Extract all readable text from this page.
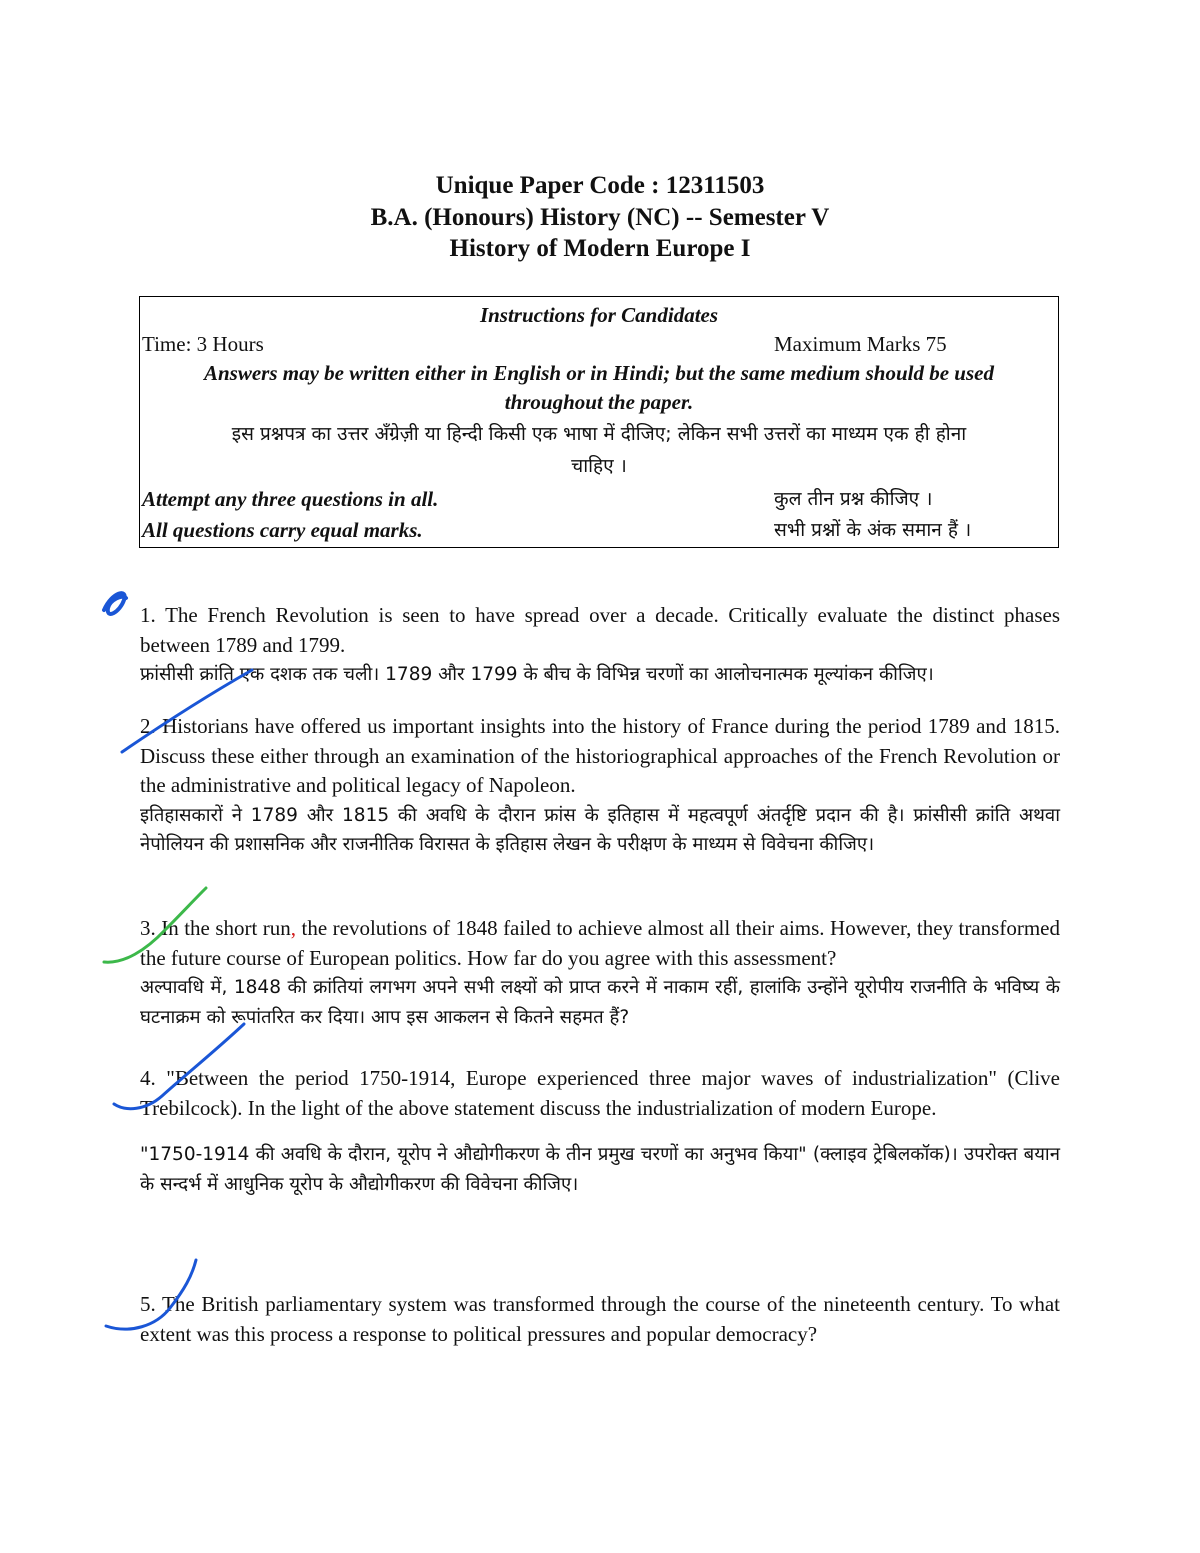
Unique Paper Code : 12311503
B.A. (Honours) History (NC) -- Semester V
History of Modern Europe I
Instructions for Candidates
Time: 3 Hours	Maximum Marks 75
Answers may be written either in English or in Hindi; but the same medium should be used
throughout the paper.
इस प्रश्नपत्र का उत्तर अँग्रेज़ी या हिन्दी किसी एक भाषा में दीजिए; लेकिन सभी उत्तरों का माध्यम एक ही होना
चाहिए ।
Attempt any three questions in all.	कुल तीन प्रश्न कीजिए ।
All questions carry equal marks.	सभी प्रश्नों के अंक समान हैं ।

1. The French Revolution is seen to have spread over a decade. Critically evaluate the distinct phases between 1789 and 1799.

फ्रांसीसी क्रांति एक दशक तक चली। 1789 और 1799 के बीच के विभिन्न चरणों का आलोचनात्मक मूल्यांकन कीजिए।

2. Historians have offered us important insights into the history of France during the period 1789 and 1815. Discuss these either through an examination of the historiographical approaches of the French Revolution or the administrative and political legacy of Napoleon.

इतिहासकारों ने 1789 और 1815 की अवधि के दौरान फ्रांस के इतिहास में महत्वपूर्ण अंतर्दृष्टि प्रदान की है। फ्रांसीसी क्रांति अथवा नेपोलियन की प्रशासनिक और राजनीतिक विरासत के इतिहास लेखन के परीक्षण के माध्यम से विवेचना कीजिए।

3. In the short run, the revolutions of 1848 failed to achieve almost all their aims. However, they transformed the future course of European politics. How far do you agree with this assessment?

अल्पावधि में, 1848 की क्रांतियां लगभग अपने सभी लक्ष्यों को प्राप्त करने में नाकाम रहीं, हालांकि उन्होंने यूरोपीय राजनीति के भविष्य के घटनाक्रम को रूपांतरित कर दिया। आप इस आकलन से कितने सहमत हैं?

4. "Between the period 1750-1914, Europe experienced three major waves of industrialization" (Clive Trebilcock). In the light of the above statement discuss the industrialization of modern Europe.

"1750-1914 की अवधि के दौरान, यूरोप ने औद्योगीकरण के तीन प्रमुख चरणों का अनुभव किया" (क्लाइव ट्रेबिलकॉक)। उपरोक्त बयान के सन्दर्भ में आधुनिक यूरोप के औद्योगीकरण की विवेचना कीजिए।

5. The British parliamentary system was transformed through the course of the nineteenth century. To what extent was this process a response to political pressures and popular democracy?
